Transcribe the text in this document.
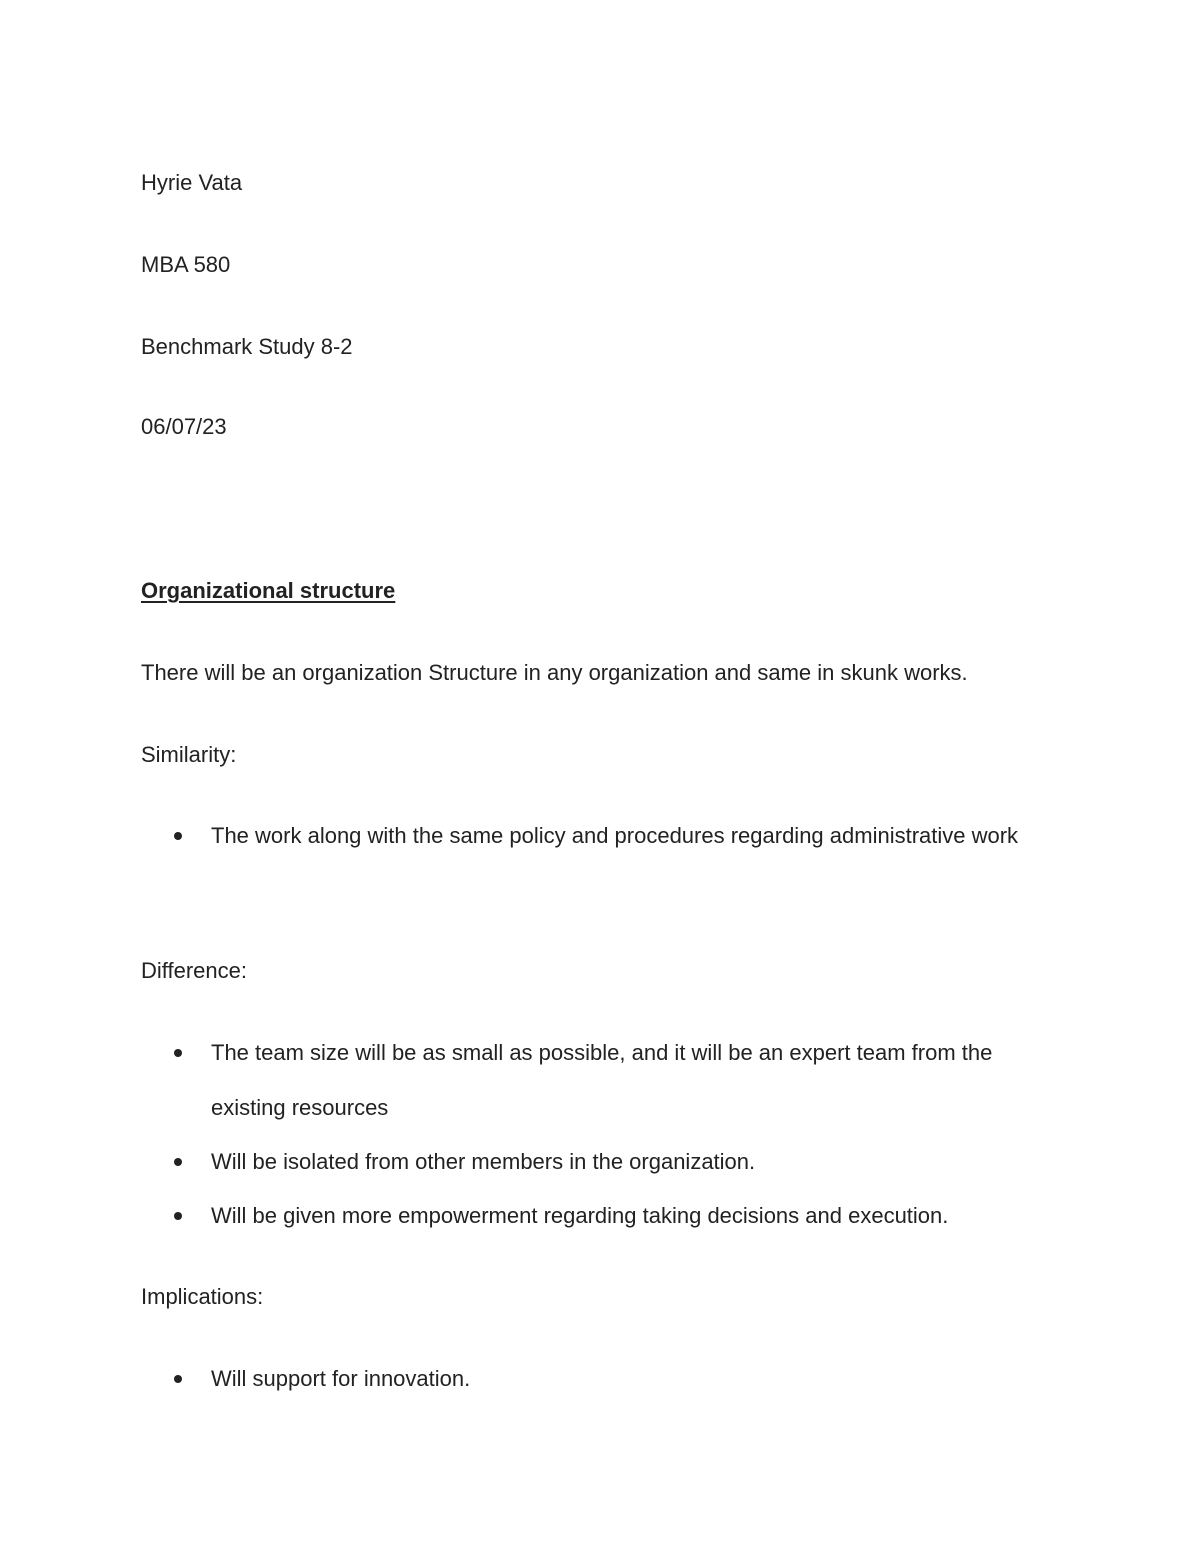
Hyrie Vata
MBA 580
Benchmark Study 8-2
06/07/23
Organizational structure
There will be an organization Structure in any organization and same in skunk works.
Similarity:
The work along with the same policy and procedures regarding administrative work
Difference:
The team size will be as small as possible, and it will be an expert team from the existing resources
Will be isolated from other members in the organization.
Will be given more empowerment regarding taking decisions and execution.
Implications:
Will support for innovation.
